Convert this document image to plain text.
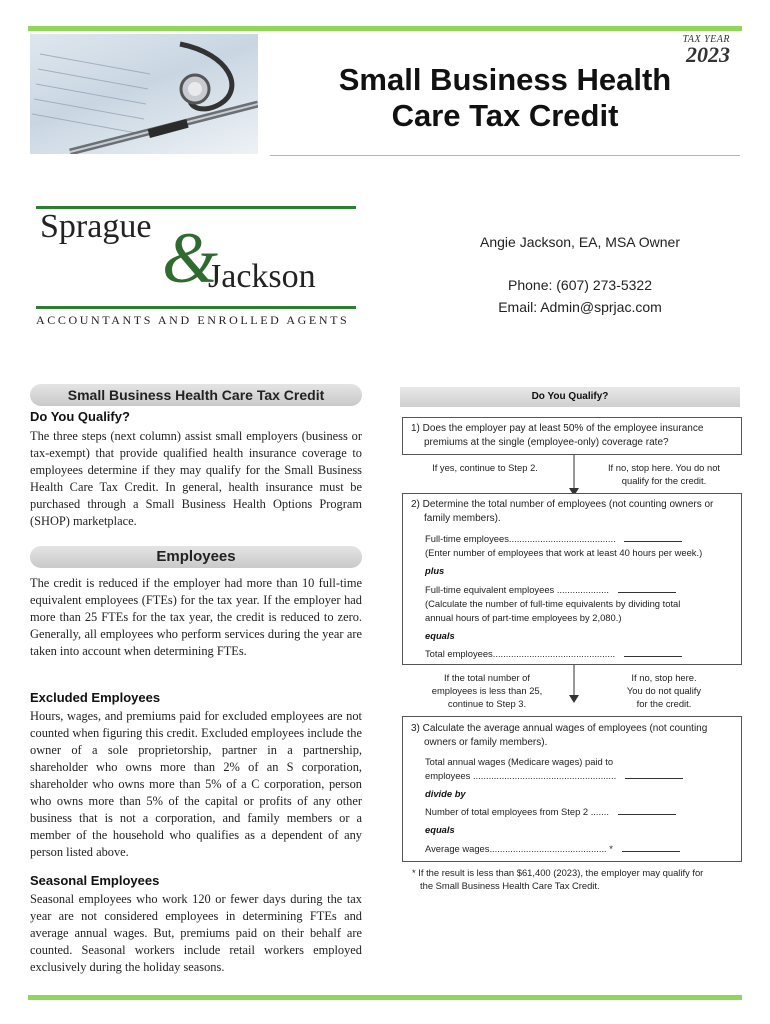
TAX YEAR
2023
Small Business Health
Care Tax Credit
Sprague &
Jackson
ACCOUNTANTS AND ENROLLED AGENTS
Angie Jackson, EA, MSA Owner
Phone: (607) 273-5322
Email: Admin@sprjac.com
Small Business Health Care Tax Credit
Do You Qualify?
The three steps (next column) assist small employers (business or tax-exempt) that provide qualified health insurance coverage to employees determine if they may qualify for the Small Business Health Care Tax Credit. In general, health insurance must be purchased through a Small Business Health Options Program (SHOP) marketplace.
Employees
The credit is reduced if the employer had more than 10 full-time equivalent employees (FTEs) for the tax year. If the employer had more than 25 FTEs for the tax year, the credit is reduced to zero. Generally, all employees who perform services during the year are taken into account when determining FTEs.
Excluded Employees
Hours, wages, and premiums paid for excluded employees are not counted when figuring this credit. Excluded employees include the owner of a sole proprietorship, partner in a partnership, shareholder who owns more than 2% of an S corporation, shareholder who owns more than 5% of a C corporation, person who owns more than 5% of the capital or profits of any other business that is not a corporation, and family members or a member of the household who qualifies as a dependent of any person listed above.
Seasonal Employees
Seasonal employees who work 120 or fewer days during the tax year are not considered employees in determining FTEs and average annual wages. But, premiums paid on their behalf are counted. Seasonal workers include retail workers employed exclusively during the holiday seasons.
Do You Qualify?
1) Does the employer pay at least 50% of the employee insurance
premiums at the single (employee-only) coverage rate?
If yes, continue to Step 2.	If no, stop here. You do not
qualify for the credit.
2) Determine the total number of employees (not counting owners or
family members).
Full-time employees.........................................
(Enter number of employees that work at least 40 hours per week.)
plus
Full-time equivalent employees ....................
(Calculate the number of full-time equivalents by dividing total
annual hours of part-time employees by 2,080.)
equals
Total employees...............................................
If the total number of
employees is less than 25,
continue to Step 3.
If no, stop here.
You do not qualify
for the credit.
3) Calculate the average annual wages of employees (not counting
owners or family members).
Total annual wages (Medicare wages) paid to
employees .......................................................
divide by
Number of total employees from Step 2 .......
equals
Average wages............................................. *
* If the result is less than $61,400 (2023), the employer may qualify for
the Small Business Health Care Tax Credit.
